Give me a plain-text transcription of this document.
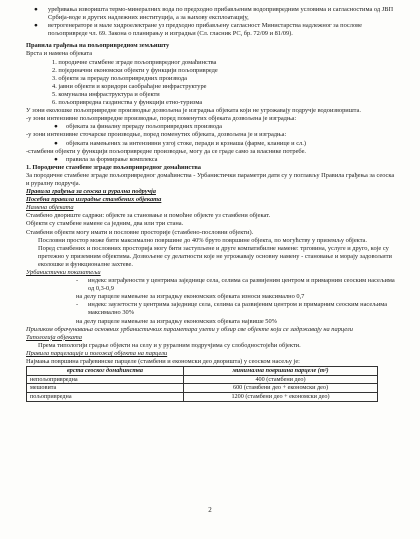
● уређивања изворишта термо-минералних вода по предходно прибављеним водопривредним условима и сагласностима од ЈВП Србија-воде и других надлежних институција, а за њихову експлоатацију,

● ветрогенераторе и мале хидроелектране уз предходно прибављену сагласност Министарства надлежног за послове пољопривреде чл. 69. Закона о планирању и изградњи (Сл. гласник РС, бр. 72/09 и 81/09).

Правила грађења на пољопривредном земљишту

Врста и намена објеката

1. породичне стамбене зграде пољопривредног домаћинства

2. појединачни економски објекти у функцији пољопривреде

3. објекти за прераду пољопривредних производа

4. јавни објекти и коридори саобраћајне инфраструктуре

5. комунална инфраструктура и објекти

6. пољопривредна газдинства у функцији етно-туризма

У зони еколошке пољопривредне производње дозвољена је изградња објеката који не угрожавају подручје водоизворишта.

-у зони интензивне пољопривредне производње, поред поменутих објеката дозвољена је изградња:

● објеката за финалну прераду пољопривредних производа

-у зони интензивне сточарске производње, поред поменутих објеката, дозвољена је и изградња:

● објеката намењених за интензивни узгој стоке, перади и крзнаша (фарме, кланице и сл.)

-стамбени објекти у функцији пољопривредне производње, могу да се граде само за власнике потребе.

● правила за формирање комплекса

1. Породичне стамбене зграде пољопривредног домаћинства

За породичне стамбене зграде пољопривредног домаћинства - Урбанистички параметри дати су у поглављу Правила грађења за сеоска и руралну подручја.

Правила грађења за сеоска и рурална подручја

Посебна правила изградње стамбених објеката

Намена објеката

Стамбено двориште садржи: објекте за становање и помоћне објекте уз стамбени објекат.

Објекти су стамбене намене са једним, два или три стана.

Стамбени објекти могу имати и пословне просторије (стамбено-пословни објекти).

Пословни простор може бити максимално површине до 40% бруто површине објекта, по могућству у приземљу објекта.

Поред стамбених и пословних просторија могу бити заступљене и друге компатибилне намене: трговина, услуге и друго, које су претежно у приземним објектима. Дозвољене су делатности које не угрожавају основну намену - становање и морају задовољити еколошке и функционалне захтеве.

Урбанистички показатељи

- индекс изграђености у центрима заједнице села, селима са развијеним центром и примарним сеоским насељима од 0,3-0,9

на делу парцеле намењене за изградњу економских објеката износи максимално 0,7

- индекс заузетости у центрима заједнице села, селима са развијеним центром и примарним сеоским насељима максимално 30%

на делу парцеле намењене за изградњу економских објеката највише 50%

Приликом обрачунавања основних урбанистичких параметара узети у обзир све објекте који се задржавају на парцели

Типологија објеката

Према типологији градње објекти на селу и у руралним подручјима су слободностојећи објекти.

Правила парцелације и положај објекта на парцели

Најмања површина грађевинске парцеле (стамбени и економски део дворишта) у сеоском насељу је:

врста сеоског домаћинства	минимална површина парцеле (m²)
непољопривредна	400 (стамбени део)
мешовита	600 (стамбени део + економски део)
пољопривредна	1200 (стамбени део + економски део)
2
